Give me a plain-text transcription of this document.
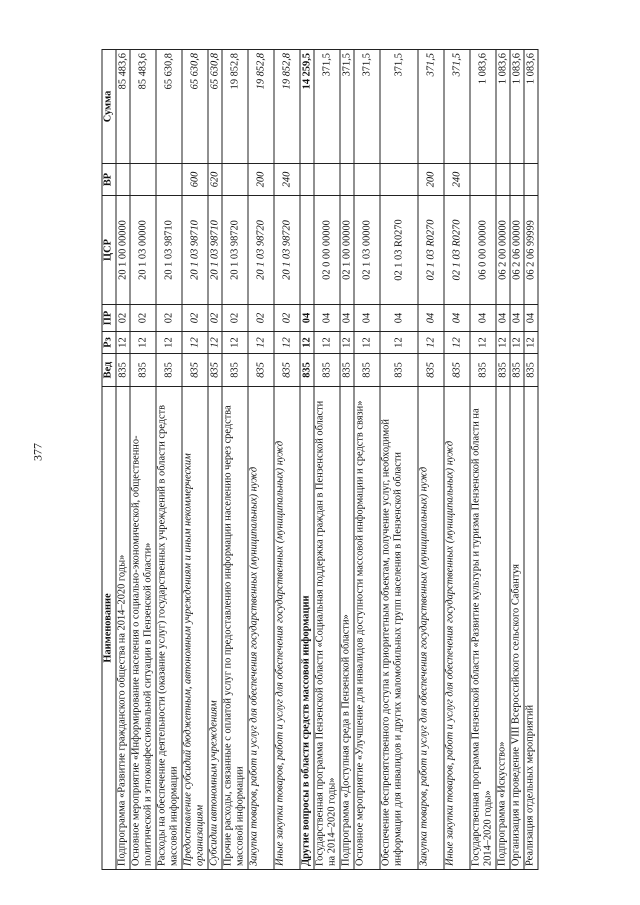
377
Наименование	Вед	Рз	ПР	ЦСР	ВР	Сумма
Подпрограмма «Развитие гражданского общества на 2014–2020 годы»	835	12	02	20 1 00 00000		85 483,6
Основное мероприятие «Информирование населения о социально-экономической, общественно-политической и этноконфессиональной ситуации в Пензенской области»	835	12	02	20 1 03 00000		85 483,6
Расходы на обеспечение деятельности (оказание услуг) государственных учреждений в области средств массовой информации	835	12	02	20 1 03 98710		65 630,8
Предоставление субсидий бюджетным, автономным учреждениям и иным некоммерческим организациям	835	12	02	20 1 03 98710	600	65 630,8
Субсидии автономным учреждениям	835	12	02	20 1 03 98710	620	65 630,8
Прочие расходы, связанные с оплатой услуг по предоставлению информации населению через средства массовой информации	835	12	02	20 1 03 98720		19 852,8
Закупка товаров, работ и услуг для обеспечения государственных (муниципальных) нужд	835	12	02	20 1 03 98720	200	19 852,8
Иные закупки товаров, работ и услуг для обеспечения государственных (муниципальных) нужд	835	12	02	20 1 03 98720	240	19 852,8
Другие вопросы в области средств массовой информации	835	12	04			14 259,5
Государственная программа Пензенской области «Социальная поддержка граждан в Пензенской области на 2014–2020 годы»	835	12	04	02 0 00 00000		371,5
Подпрограмма «Доступная среда в Пензенской области»	835	12	04	02 1 00 00000		371,5
Основное мероприятие «Улучшение для инвалидов доступности массовой информации и средств связи»	835	12	04	02 1 03 00000		371,5
Обеспечение беспрепятственного доступа к приоритетным объектам, получение услуг, необходимой информации для инвалидов и других маломобильных групп населения в Пензенской области	835	12	04	02 1 03 R0270		371,5
Закупка товаров, работ и услуг для обеспечения государственных (муниципальных) нужд	835	12	04	02 1 03 R0270	200	371,5
Иные закупки товаров, работ и услуг для обеспечения государственных (муниципальных) нужд	835	12	04	02 1 03 R0270	240	371,5
Государственная программа Пензенской области «Развитие культуры и туризма Пензенской области на 2014–2020 годы»	835	12	04	06 0 00 00000		1 083,6
Подпрограмма «Искусство»	835	12	04	06 2 00 00000		1 083,6
Организация и проведение VIII Всероссийского сельского Сабантуя	835	12	04	06 2 06 00000		1 083,6
Реализация отдельных мероприятий	835	12	04	06 2 06 99999		1 083,6
